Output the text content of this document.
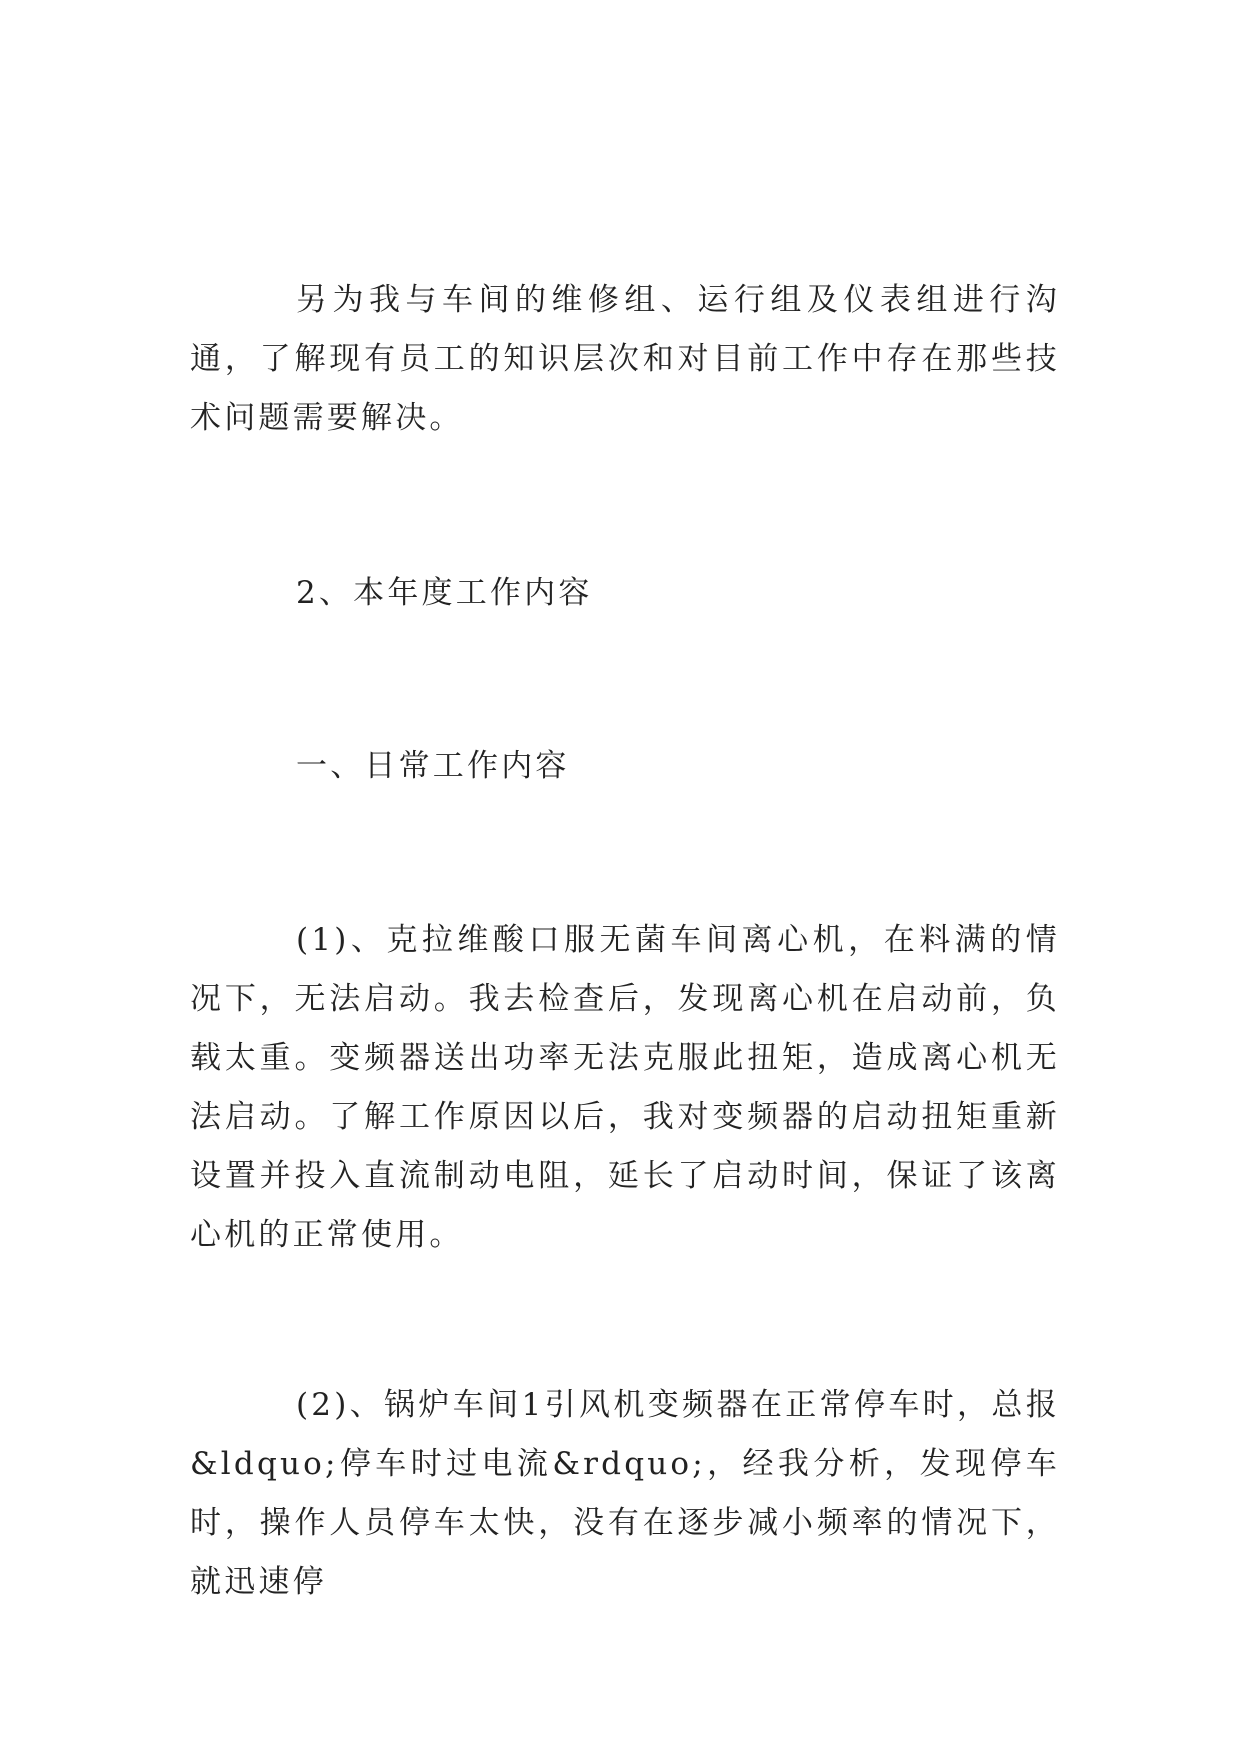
另为我与车间的维修组、运行组及仪表组进行沟通，了解现有员工的知识层次和对目前工作中存在那些技术问题需要解决。

2、本年度工作内容

一、日常工作内容

(1)、克拉维酸口服无菌车间离心机，在料满的情况下，无法启动。我去检查后，发现离心机在启动前，负载太重。变频器送出功率无法克服此扭矩，造成离心机无法启动。了解工作原因以后，我对变频器的启动扭矩重新设置并投入直流制动电阻，延长了启动时间，保证了该离心机的正常使用。

(2)、锅炉车间1引风机变频器在正常停车时，总报&ldquo;停车时过电流&rdquo;，经我分析，发现停车时，操作人员停车太快，没有在逐步减小频率的情况下，就迅速停
